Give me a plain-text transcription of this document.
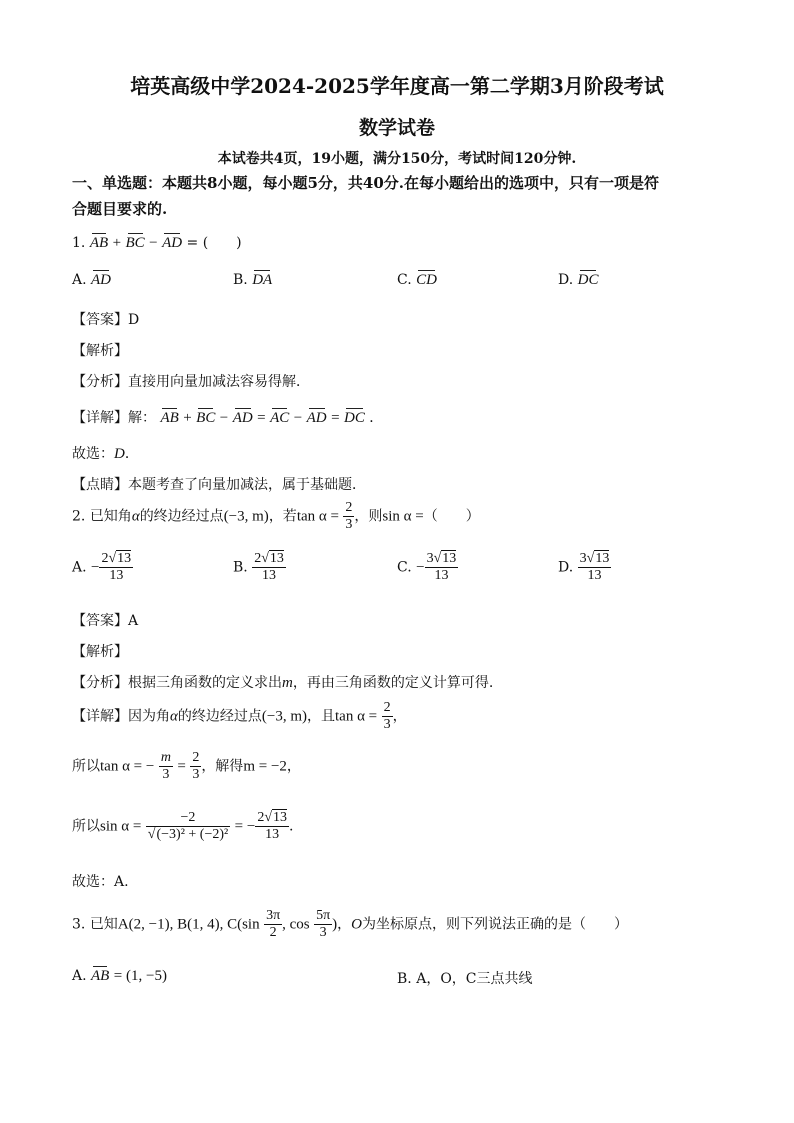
培英高级中学2024-2025学年度高一第二学期3月阶段考试
数学试卷
本试卷共4页，19小题，满分150分，考试时间120分钟.
一、单选题：本题共8小题，每小题5分，共40分.在每小题给出的选项中，只有一项是符
合题目要求的.
1. AB + BC − AD = (　　)
A. AD	B. DA	C. CD	D. DC
【答案】D
【解析】
【分析】直接用向量加减法容易得解．
【详解】解： AB + BC − AD = AC − AD = DC ．
故选：D．
【点睛】本题考查了向量加减法，属于基础题．
2. 已知角α的终边经过点(−3, m)，若$\tan \alpha = \frac{2}{3}$ ，则sin α =（　　）
A. − $\frac{2√13}{13}$	B. $\frac{2√13}{13}$	C. − $\frac{3√13}{13}$	D. $\frac{3√13}{13}$
【答案】A
【解析】
【分析】根据三角函数的定义求出m，再由三角函数的定义计算可得.
【详解】因为角α的终边经过点(−3, m)，且$\tan \alpha = \frac{2}{3}$ ，
所以tan α = − $\frac{m}{3} = \frac{2}{3}$ ，解得m = −2，
所以$\sin \alpha = \frac{-2}{\text{√(−3)² + (−2)²}}$ = − $\frac{2√13}{13}$ .
故选：A.
3. 已知A(2, −1), B(1, 4), $C(\sin \frac{3\pi}{2}$ , $\cos \frac{5\pi}{3}$ )，O为坐标原点，则下列说法正确的是（　　）
A. AB = (1, −5)	B. A，O，C三点共线
